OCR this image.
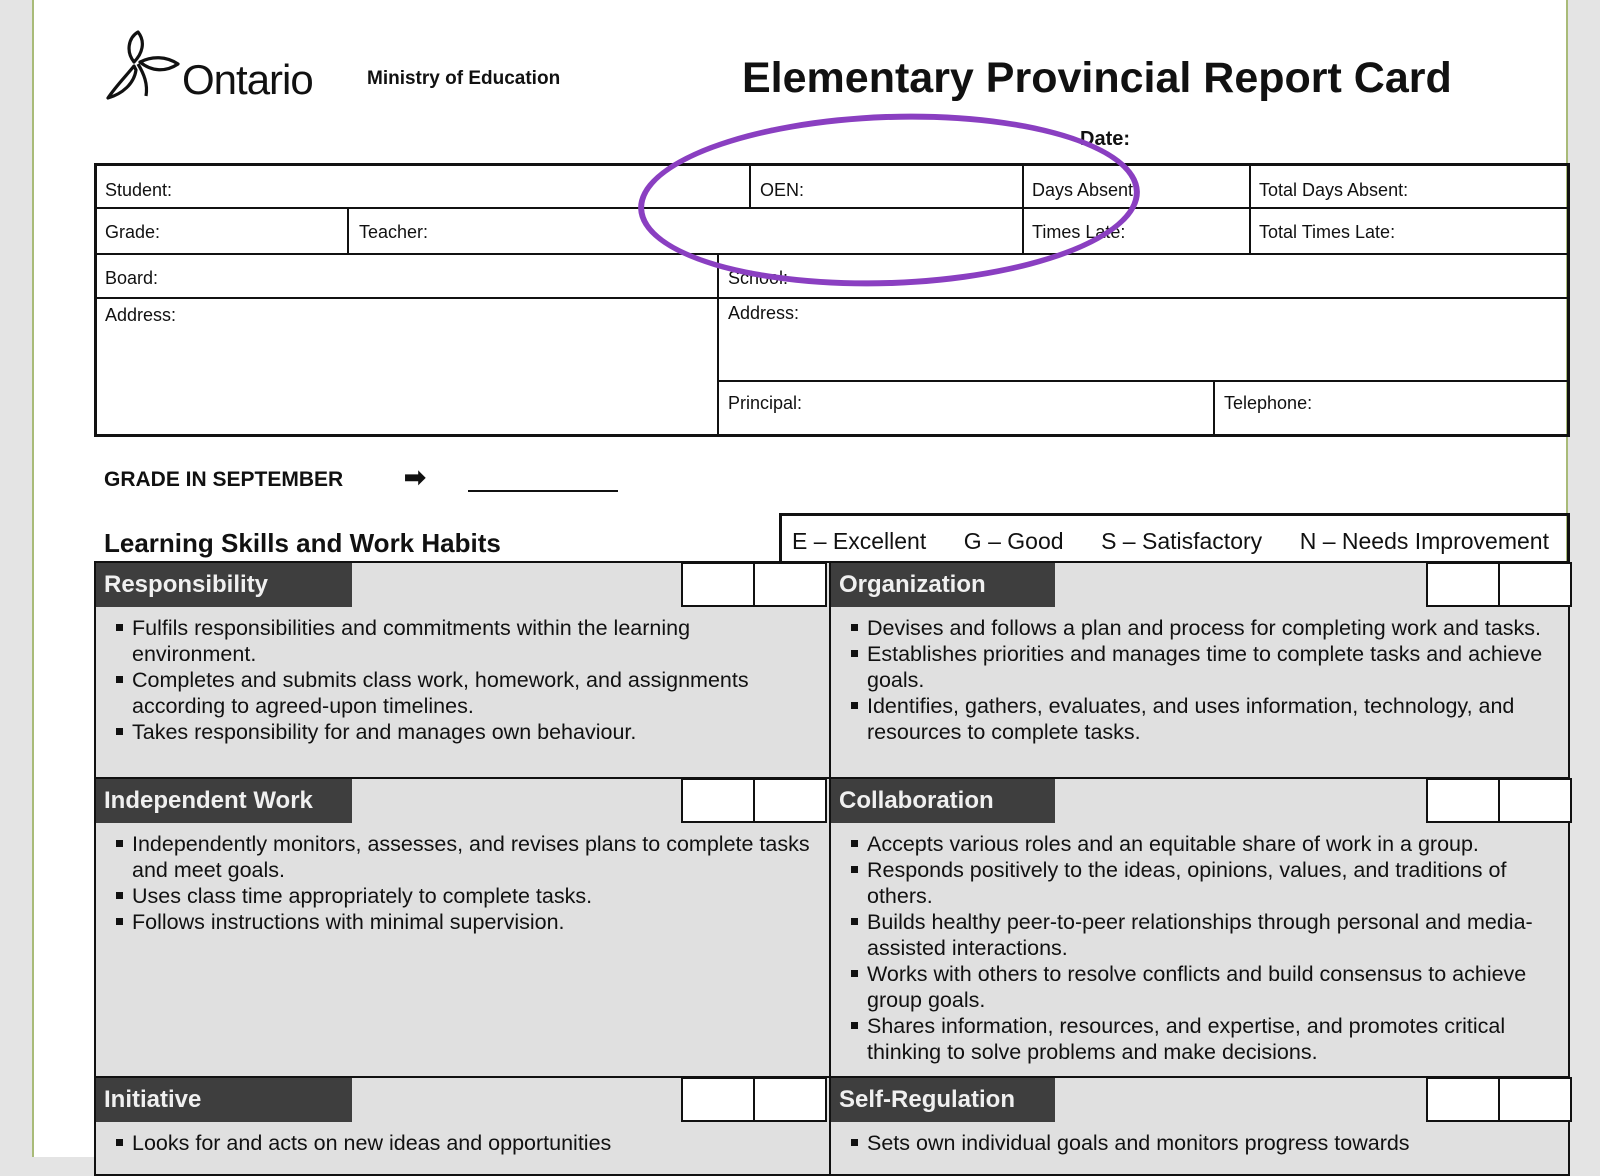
Ontario	Ministry of Education	Elementary Provincial Report Card
Date:
Student:	OEN:	Days Absent:	Total Days Absent:
Grade:	Teacher:	Times Late:	Total Times Late:
Board:	School:
Address:	Address:
Principal:	Telephone:
GRADE IN SEPTEMBER ➡
Learning Skills and Work Habits	E – Excellent G – Good S – Satisfactory N – Needs Improvement
Responsibility
Fulfils responsibilities and commitments within the learning environment.
Completes and submits class work, homework, and assignments according to agreed-upon timelines.
Takes responsibility for and manages own behaviour.
Organization
Devises and follows a plan and process for completing work and tasks.
Establishes priorities and manages time to complete tasks and achieve goals.
Identifies, gathers, evaluates, and uses information, technology, and resources to complete tasks.
Independent Work
Independently monitors, assesses, and revises plans to complete tasks and meet goals.
Uses class time appropriately to complete tasks.
Follows instructions with minimal supervision.
Collaboration
Accepts various roles and an equitable share of work in a group.
Responds positively to the ideas, opinions, values, and traditions of others.
Builds healthy peer-to-peer relationships through personal and media-assisted interactions.
Works with others to resolve conflicts and build consensus to achieve group goals.
Shares information, resources, and expertise, and promotes critical thinking to solve problems and make decisions.
Initiative
Looks for and acts on new ideas and opportunities
Self-Regulation
Sets own individual goals and monitors progress towards
